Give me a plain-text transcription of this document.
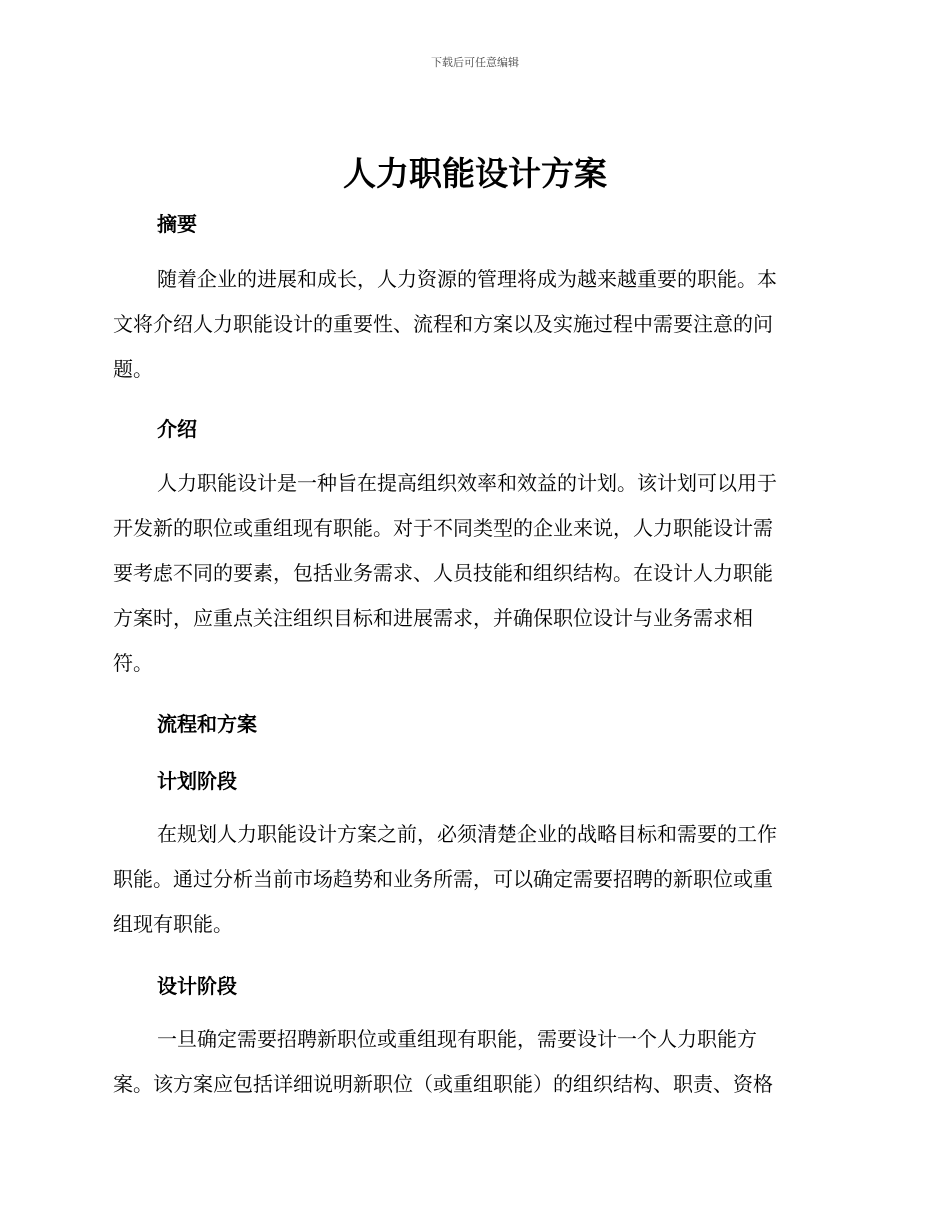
下载后可任意编辑
人力职能设计方案
摘要
随着企业的进展和成长，人力资源的管理将成为越来越重要的职能。本
文将介绍人力职能设计的重要性、流程和方案以及实施过程中需要注意的问
题。
介绍
人力职能设计是一种旨在提高组织效率和效益的计划。该计划可以用于
开发新的职位或重组现有职能。对于不同类型的企业来说，人力职能设计需
要考虑不同的要素，包括业务需求、人员技能和组织结构。在设计人力职能
方案时，应重点关注组织目标和进展需求，并确保职位设计与业务需求相
符。
流程和方案
计划阶段
在规划人力职能设计方案之前，必须清楚企业的战略目标和需要的工作
职能。通过分析当前市场趋势和业务所需，可以确定需要招聘的新职位或重
组现有职能。
设计阶段
一旦确定需要招聘新职位或重组现有职能，需要设计一个人力职能方
案。该方案应包括详细说明新职位（或重组职能）的组织结构、职责、资格
